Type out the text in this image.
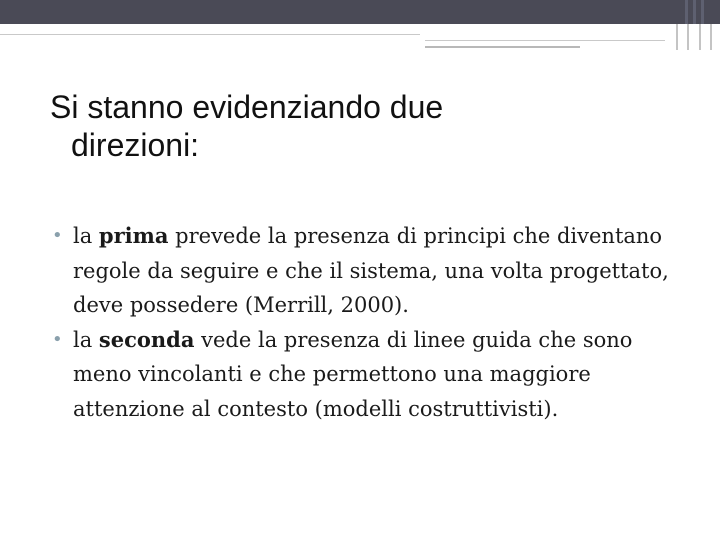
Si stanno evidenziando due
direzioni:
• la prima prevede la presenza di principi che diventano regole da seguire e che il sistema, una volta progettato, deve possedere (Merrill, 2000).
• la seconda vede la presenza di linee guida che sono meno vincolanti e che permettono una maggiore attenzione al contesto (modelli costruttivisti).
